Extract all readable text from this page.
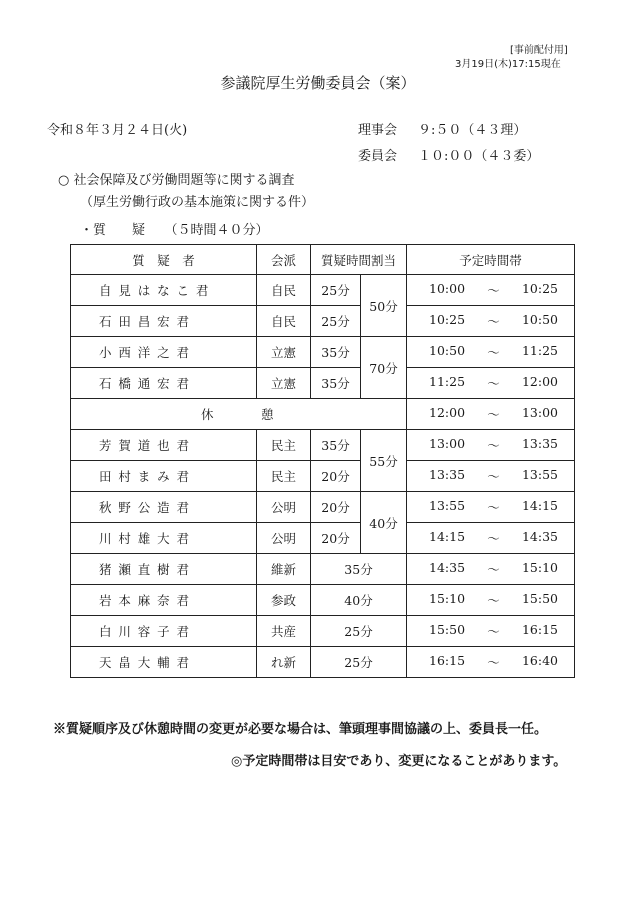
[事前配付用]
3月19日(木)17:15現在
参議院厚生労働委員会（案）
令和８年３月２４日(火)	理事会 ９:５０（４３理）
委員会 １０:００（４３委）
○ 社会保障及び労働問題等に関する調査
（厚生労働行政の基本施策に関する件）
・質　　疑　　（５時間４０分）
質　疑　者	会派	質疑時間割当		予定時間帯
自見はなこ君	自民	25分	50分	10:00 ～ 10:25

石田昌宏君	自民	25分		10:25 ～ 10:50

小西洋之君	立憲	35分	70分	10:50 ～ 11:25

石橋通宏君	立憲	35分		11:25 ～ 12:00

休　　　憩				12:00 ～ 13:00

芳賀道也君	民主	35分	55分	13:00 ～ 13:35

田村まみ君	民主	20分		13:35 ～ 13:55

秋野公造君	公明	20分	40分	13:55 ～ 14:15

川村雄大君	公明	20分		14:15 ～ 14:35

猪瀬直樹君	維新	35分		14:35 ～ 15:10

岩本麻奈君	参政	40分		15:10 ～ 15:50

白川容子君	共産	25分		15:50 ～ 16:15

天畠大輔君	れ新	25分		16:15 ～ 16:40
※質疑順序及び休憩時間の変更が必要な場合は、筆頭理事間協議の上、委員長一任。
◎予定時間帯は目安であり、変更になることがあります。
